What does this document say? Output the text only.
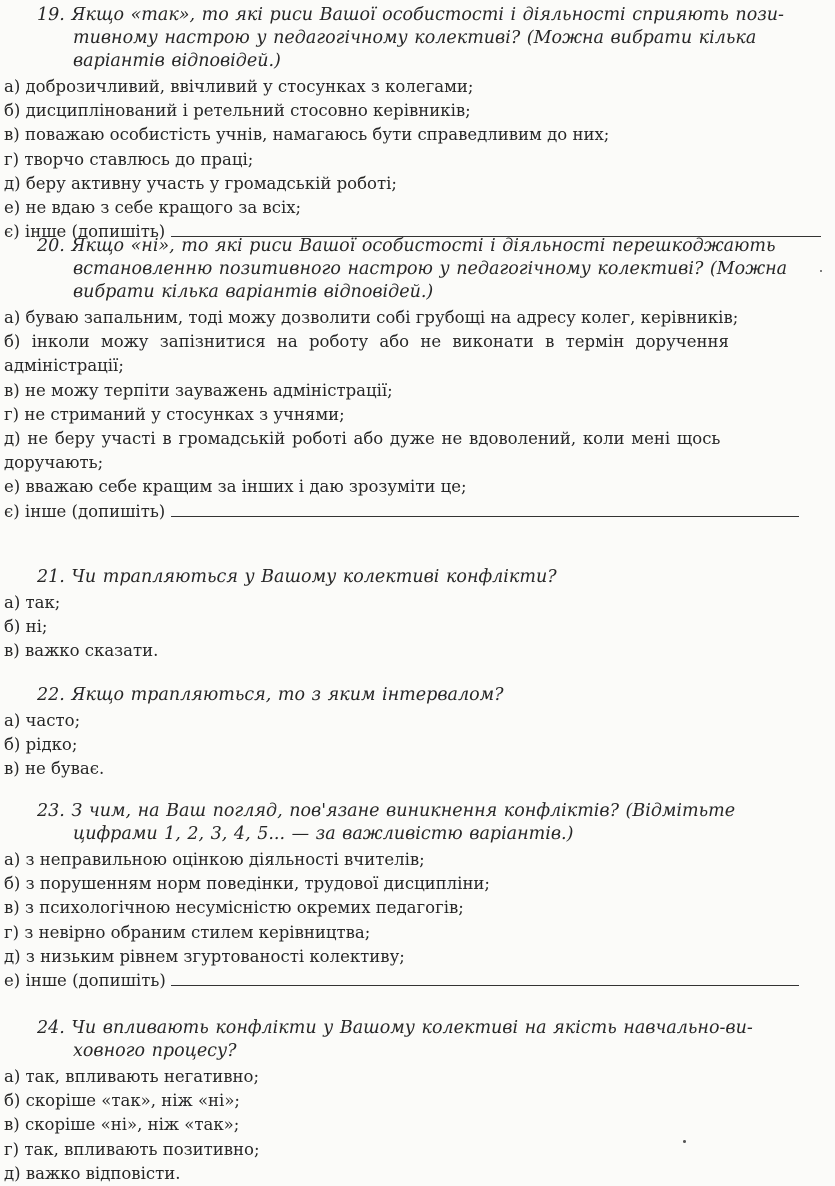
19. Якщо «так», то які риси Вашої особистості і діяльності сприяють пози-
тивному настрою у педагогічному колективі? (Можна вибрати кілька
варіантів відповідей.)
а) доброзичливий, ввічливий у стосунках з колегами;
б) дисциплінований і ретельний стосовно керівників;
в) поважаю особистість учнів, намагаюсь бути справедливим до них;
г) творчо ставлюсь до праці;
д) беру активну участь у громадській роботі;
е) не вдаю з себе кращого за всіх;
є) інше (допишіть)
20. Якщо «ні», то які риси Вашої особистості і діяльності перешкоджають
встановленню позитивного настрою у педагогічному колективі? (Можна
вибрати кілька варіантів відповідей.)
а) буваю запальним, тоді можу дозволити собі грубощі на адресу колег, керівників;
б) інколи можу запізнитися на роботу або не виконати в термін доручення
адміністрації;
в) не можу терпіти зауважень адміністрації;
г) не стриманий у стосунках з учнями;
д) не беру участі в громадській роботі або дуже не вдоволений, коли мені щось
доручають;
е) вважаю себе кращим за інших і даю зрозуміти це;
є) інше (допишіть)
21. Чи трапляються у Вашому колективі конфлікти?
а) так;
б) ні;
в) важко сказати.
22. Якщо трапляються, то з яким інтервалом?
а) часто;
б) рідко;
в) не буває.
23. З чим, на Ваш погляд, пов'язане виникнення конфліктів? (Відмітьте
цифрами 1, 2, 3, 4, 5... — за важливістю варіантів.)
а) з неправильною оцінкою діяльності вчителів;
б) з порушенням норм поведінки, трудової дисципліни;
в) з психологічною несумісністю окремих педагогів;
г) з невірно обраним стилем керівництва;
д) з низьким рівнем згуртованості колективу;
е) інше (допишіть)
24. Чи впливають конфлікти у Вашому колективі на якість навчально-ви-
ховного процесу?
а) так, впливають негативно;
б) скоріше «так», ніж «ні»;
в) скоріше «ні», ніж «так»;
г) так, впливають позитивно;
д) важко відповісти.
